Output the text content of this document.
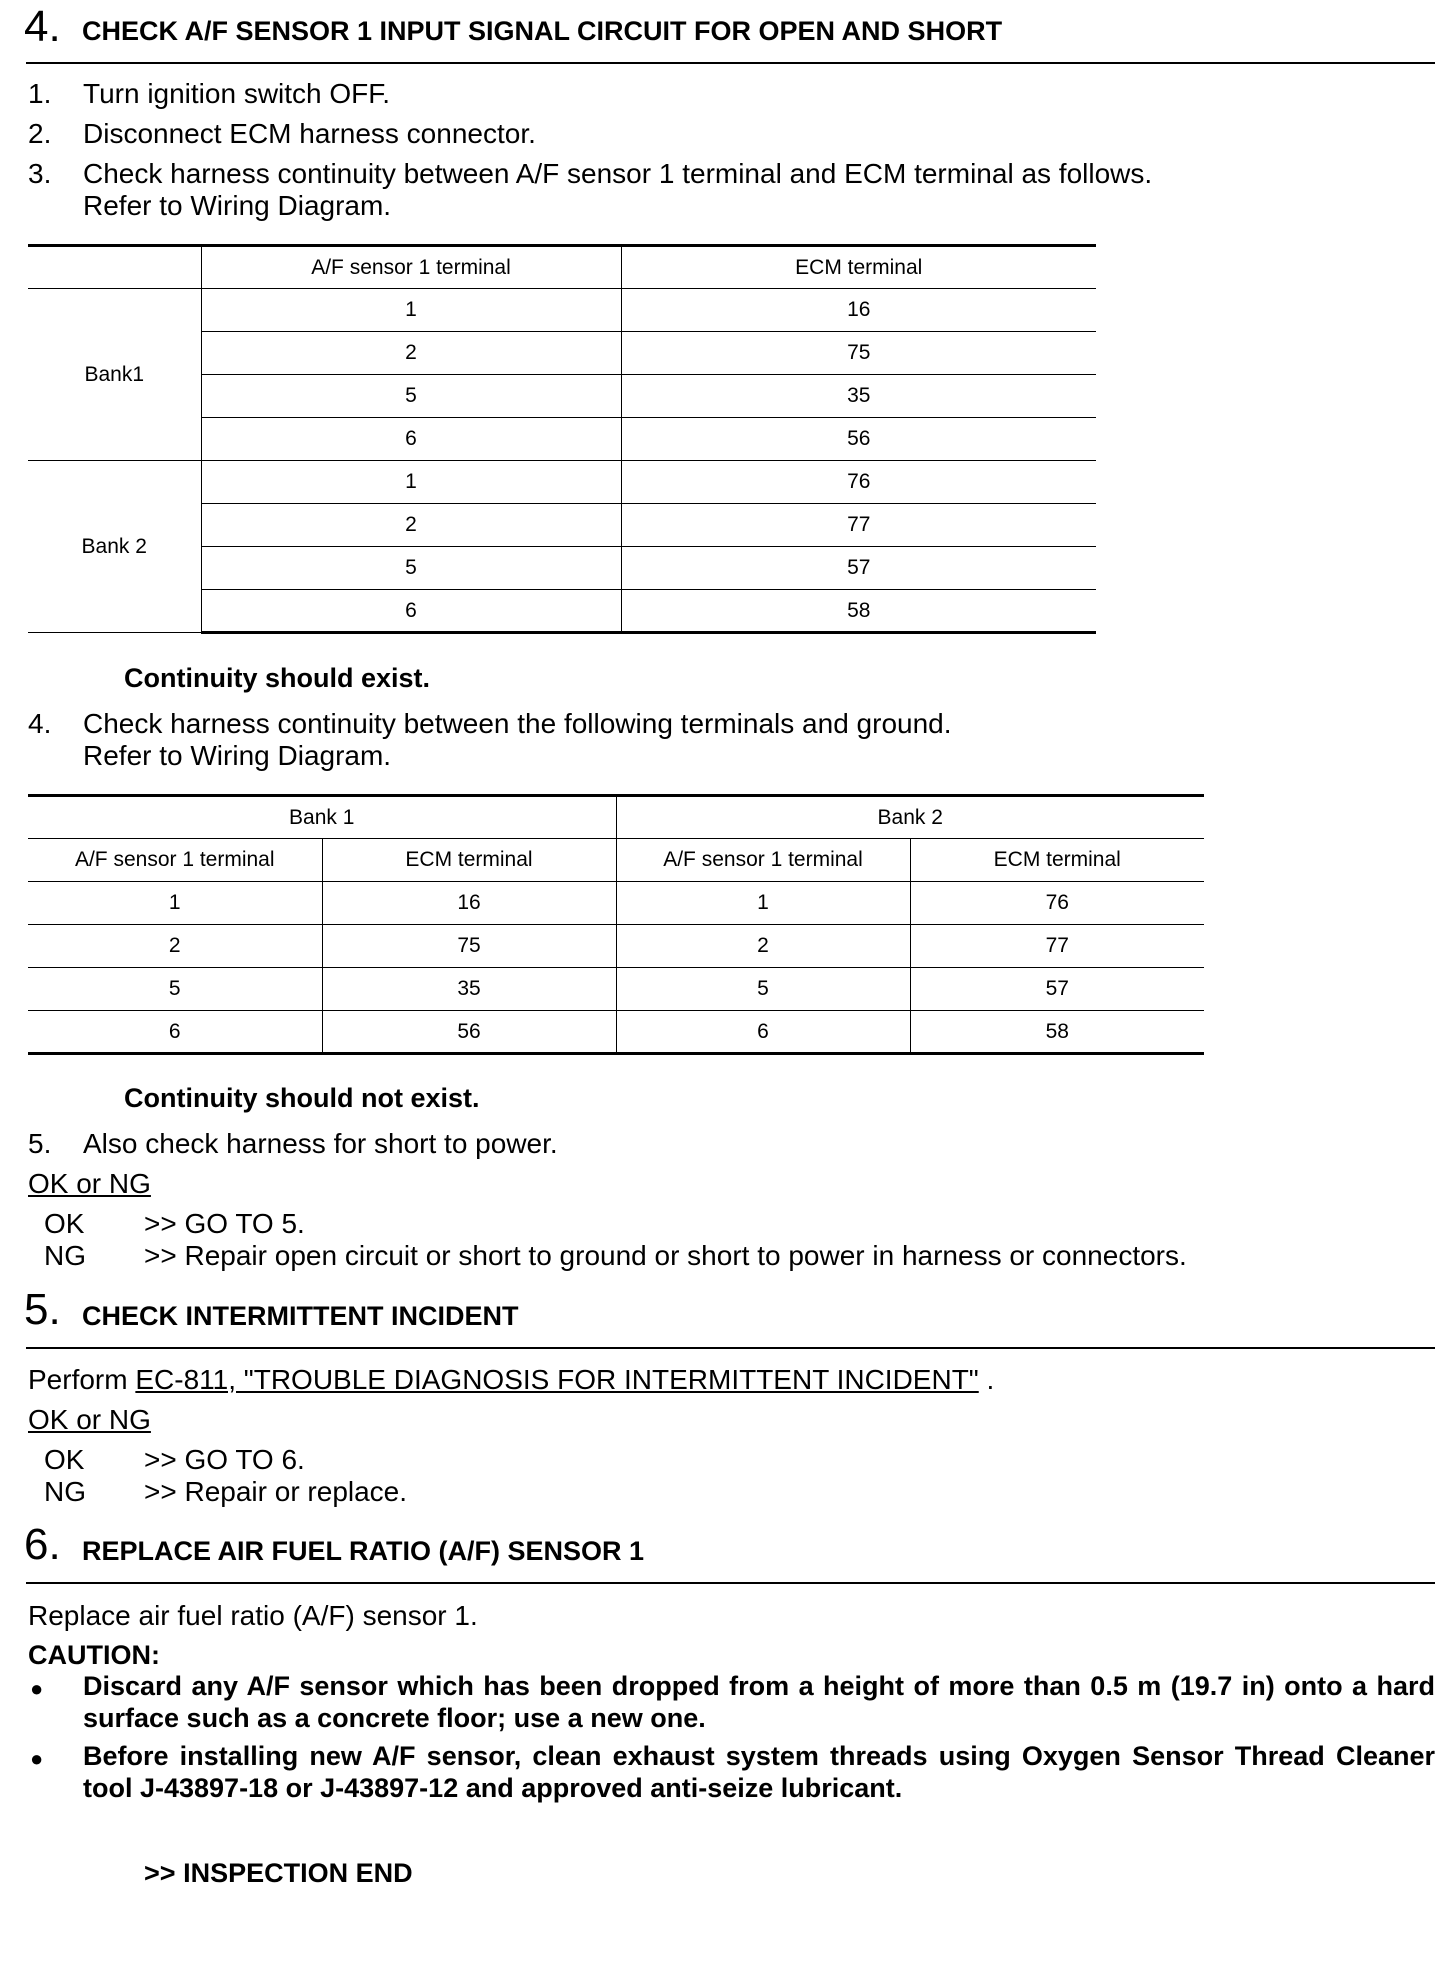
4. CHECK A/F SENSOR 1 INPUT SIGNAL CIRCUIT FOR OPEN AND SHORT
1. Turn ignition switch OFF.
2. Disconnect ECM harness connector.
3. Check harness continuity between A/F sensor 1 terminal and ECM terminal as follows.
Refer to Wiring Diagram.
	A/F sensor 1 terminal	ECM terminal
Bank1	1	16
	2	75
	5	35
	6	56
Bank 2	1	76
	2	77
	5	57
	6	58
Continuity should exist.
4. Check harness continuity between the following terminals and ground.
Refer to Wiring Diagram.
Bank 1		Bank 2	
A/F sensor 1 terminal	ECM terminal	A/F sensor 1 terminal	ECM terminal
1	16	1	76
2	75	2	77
5	35	5	57
6	56	6	58
Continuity should not exist.
5. Also check harness for short to power.
OK or NG
OK >> GO TO 5.
NG >> Repair open circuit or short to ground or short to power in harness or connectors.
5. CHECK INTERMITTENT INCIDENT
Perform EC-811, "TROUBLE DIAGNOSIS FOR INTERMITTENT INCIDENT" .
OK or NG
OK >> GO TO 6.
NG >> Repair or replace.
6. REPLACE AIR FUEL RATIO (A/F) SENSOR 1
Replace air fuel ratio (A/F) sensor 1.
CAUTION:
● Discard any A/F sensor which has been dropped from a height of more than 0.5 m (19.7 in) onto a hard surface such as a concrete floor; use a new one.
● Before installing new A/F sensor, clean exhaust system threads using Oxygen Sensor Thread Cleaner tool J-43897-18 or J-43897-12 and approved anti-seize lubricant.
>> INSPECTION END
